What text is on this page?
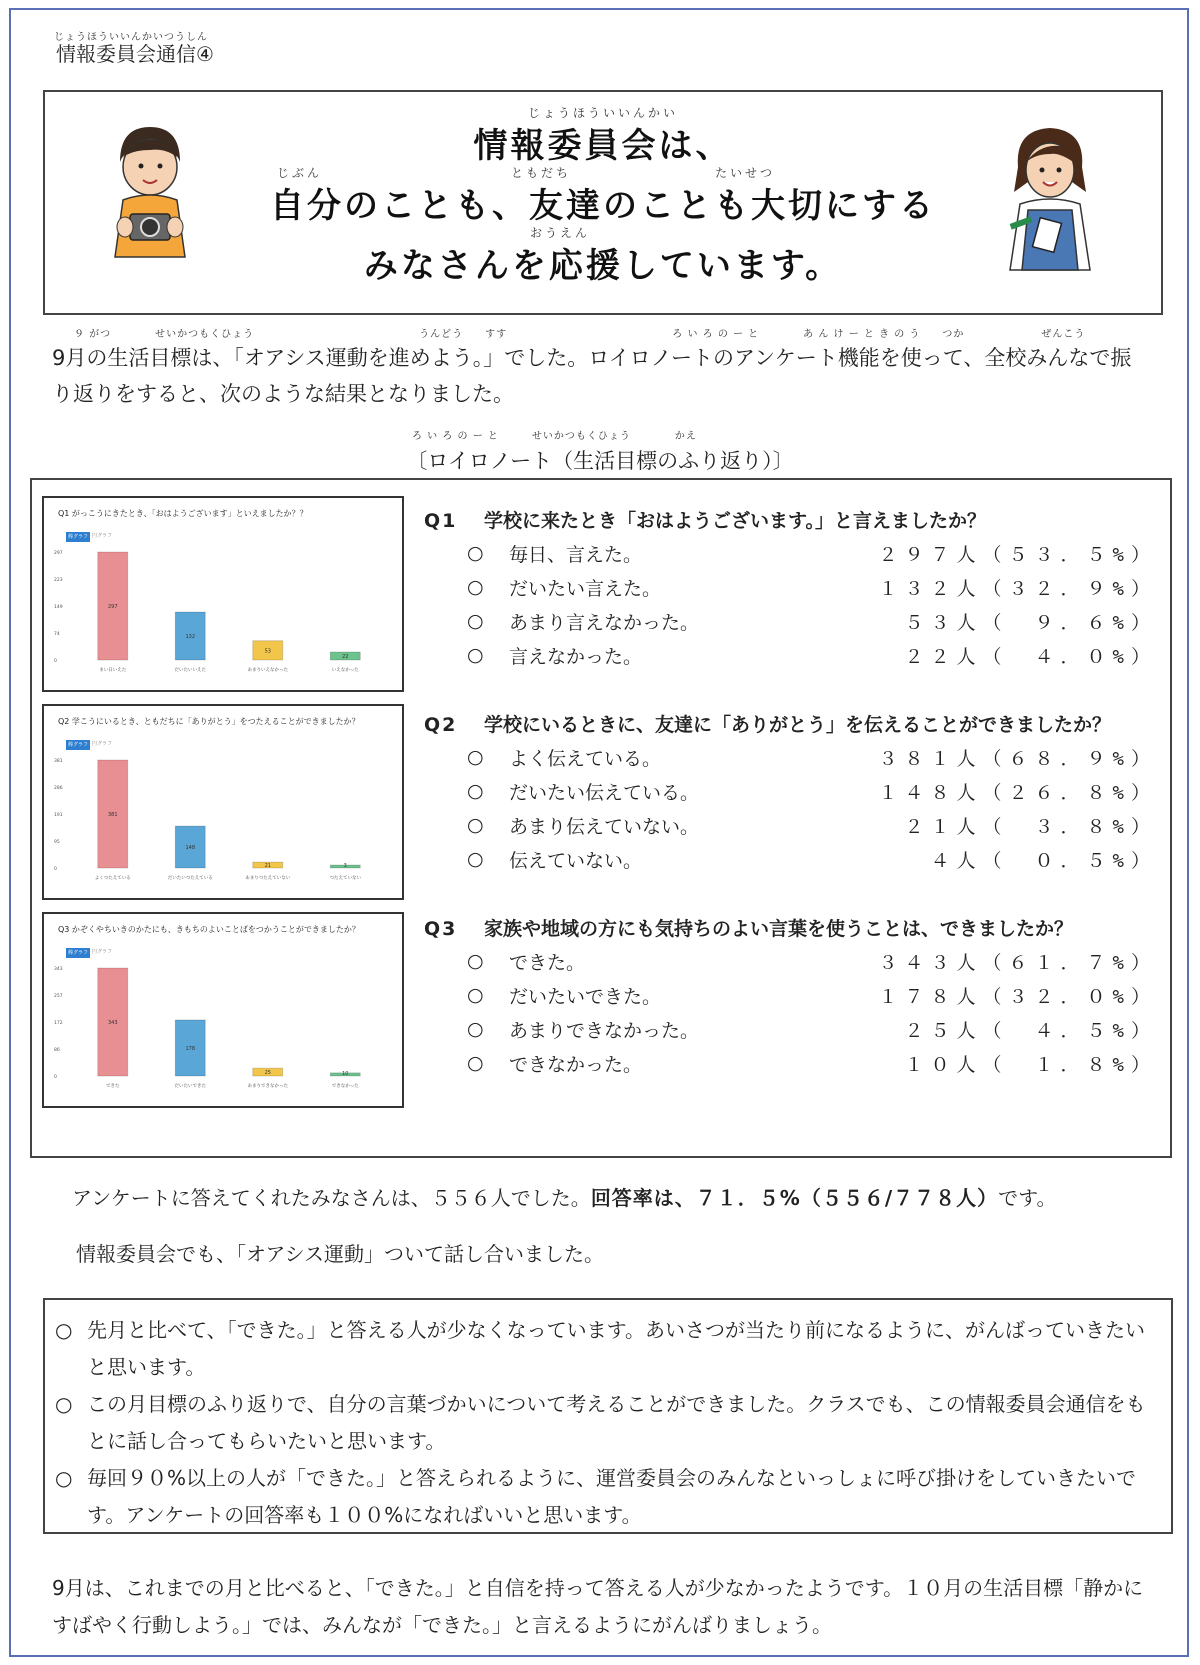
じょうほういいんかいつうしん
情報委員会通信④
じょうほういいんかい
情報委員会は、
じぶん	ともだち	たいせつ
自分のことも、友達のことも大切にする
おうえん
みなさんを応援しています。
９ がつ　　　　せいかつもくひょう　　　　　　　　　　　　　　　うんどう　　すす　　　　　　　　　　　　　　　ろ い ろ の ー と　　　　あ ん け ー と き の う　　つか　　　　　　　ぜんこう
9月の生活目標は、「オアシス運動を進めよう。」でした。ロイロノートのアンケート機能を使って、全校みんなで振り返りをすると、次のような結果となりました。
ろ い ろ の ー と　　　せいかつもくひょう　　　　かえ
〔ロイロノート（生活目標のふり返り）〕
Q1 がっこうにきたとき、「おはようございます」といえましたか？？
棒グラフ 円グラフ
297
223
149
74
0
297
まい日いえた
132
だいたいいえた
53
あまりいえなかった
22
いえなかった
Q2 学こうにいるとき、ともだちに「ありがとう」をつたえることができましたか？
棒グラフ 円グラフ
381
286
191
95
0
381
よくつたえている
148
だいたいつたえている
21
あまりつたえていない
3
つたえていない
Q3 かぞくやちいきのかたにも、きもちのよいことばをつかうことができましたか？
棒グラフ 円グラフ
343
257
172
86
0
343
できた
178
だいたいできた
25
あまりできなかった
10
できなかった
Q1 学校に来たとき「おはようございます。」と言えましたか？
○ 毎日、言えた。	２９７人（５３．５%）
○ だいたい言えた。	１３２人（３２．９%）
○ あまり言えなかった。	５３人（　９．６%）
○ 言えなかった。	２２人（　４．０%）
Q2 学校にいるときに、友達に「ありがとう」を伝えることができましたか？
○ よく伝えている。	３８１人（６８．９%）
○ だいたい伝えている。	１４８人（２６．８%）
○ あまり伝えていない。	２１人（　３．８%）
○ 伝えていない。	４人（　０．５%）
Q3 家族や地域の方にも気持ちのよい言葉を使うことは、できましたか？
○ できた。	３４３人（６１．７%）
○ だいたいできた。	１７８人（３２．０%）
○ あまりできなかった。	２５人（　４．５%）
○ できなかった。	１０人（　１．８%）
アンケートに答えてくれたみなさんは、５５６人でした。回答率は、７１．５%（５５６/７７８人）です。
情報委員会でも、「オアシス運動」ついて話し合いました。
○ 先月と比べて、「できた。」と答える人が少なくなっています。あいさつが当たり前になるように、がんばっていきたいと思います。
○ この月目標のふり返りで、自分の言葉づかいについて考えることができました。クラスでも、この情報委員会通信をもとに話し合ってもらいたいと思います。
○ 毎回９０%以上の人が「できた。」と答えられるように、運営委員会のみんなといっしょに呼び掛けをしていきたいです。アンケートの回答率も１００%になればいいと思います。
9月は、これまでの月と比べると、「できた。」と自信を持って答える人が少なかったようです。１０月の生活目標「静かにすばやく行動しよう。」では、みんなが「できた。」と言えるようにがんばりましょう。
